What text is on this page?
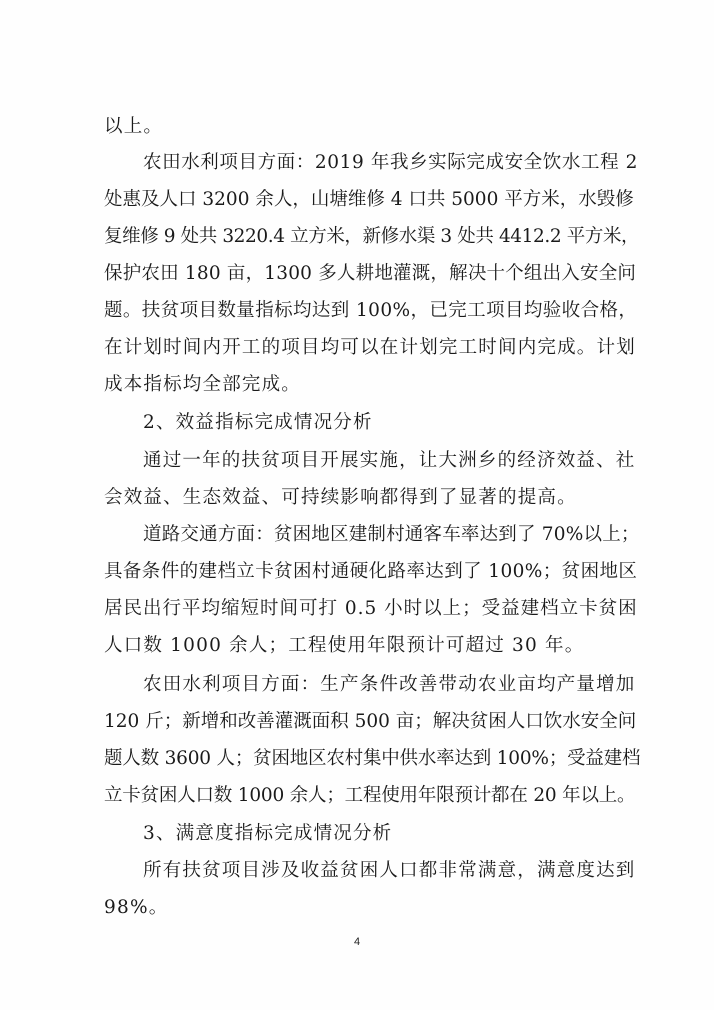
以上。
农田水利项目方面：2019 年我乡实际完成安全饮水工程 2
处惠及人口 3200 余人，山塘维修 4 口共 5000 平方米，水毁修
复维修 9 处共 3220.4 立方米，新修水渠 3 处共 4412.2 平方米，
保护农田 180 亩，1300 多人耕地灌溉，解决十个组出入安全问
题。扶贫项目数量指标均达到 100%，已完工项目均验收合格，
在计划时间内开工的项目均可以在计划完工时间内完成。计划
成本指标均全部完成。
2、效益指标完成情况分析
通过一年的扶贫项目开展实施，让大洲乡的经济效益、社
会效益、生态效益、可持续影响都得到了显著的提高。
道路交通方面：贫困地区建制村通客车率达到了 70%以上；
具备条件的建档立卡贫困村通硬化路率达到了 100%；贫困地区
居民出行平均缩短时间可打 0.5 小时以上；受益建档立卡贫困
人口数 1000 余人；工程使用年限预计可超过 30 年。
农田水利项目方面：生产条件改善带动农业亩均产量增加
120 斤；新增和改善灌溉面积 500 亩；解决贫困人口饮水安全问
题人数 3600 人；贫困地区农村集中供水率达到 100%；受益建档
立卡贫困人口数 1000 余人；工程使用年限预计都在 20 年以上。
3、满意度指标完成情况分析
所有扶贫项目涉及收益贫困人口都非常满意，满意度达到
98%。
4
